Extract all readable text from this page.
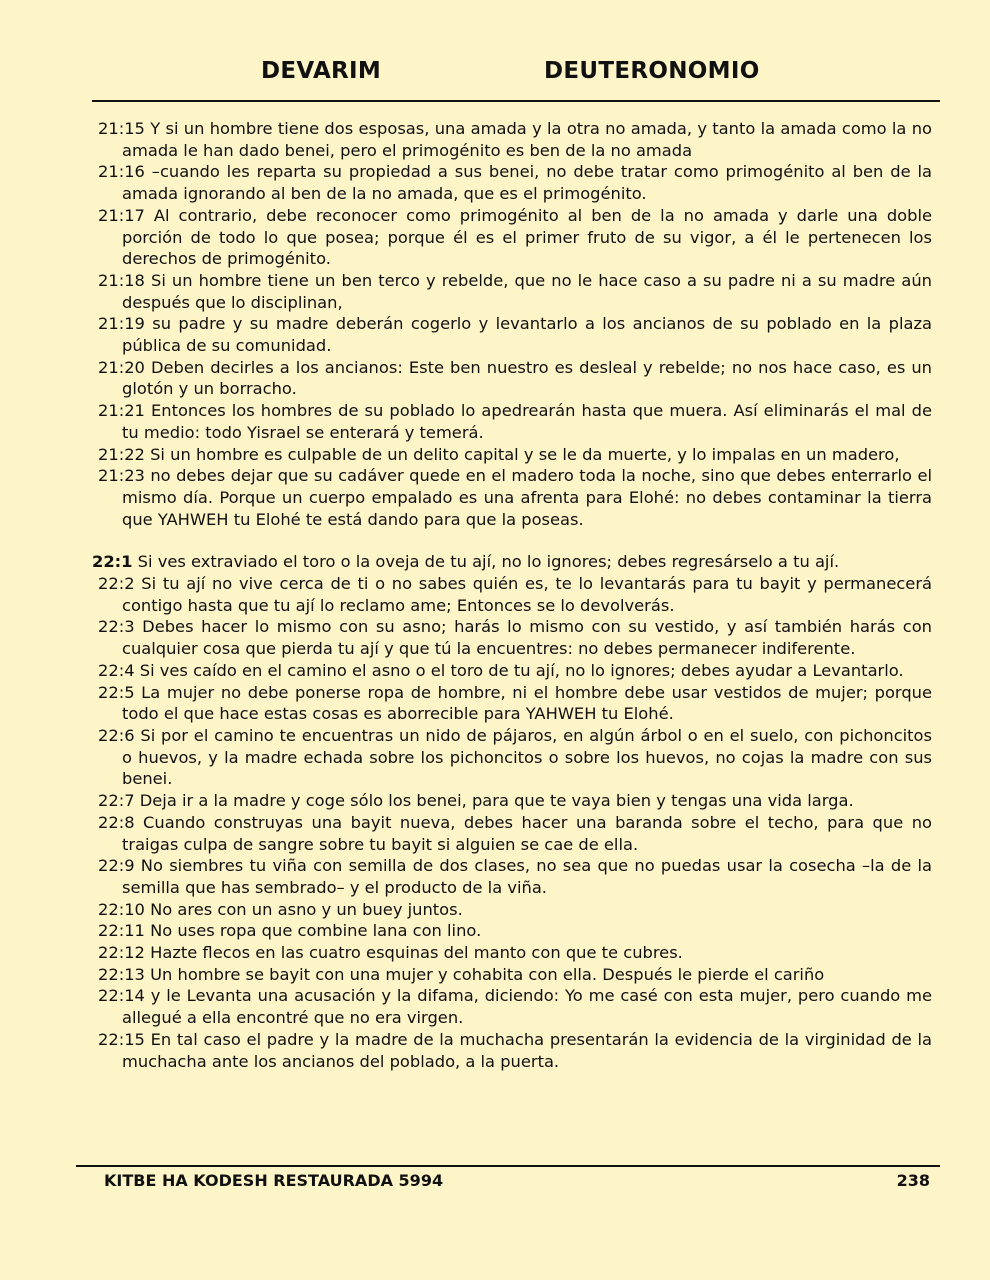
DEVARIM	DEUTERONOMIO

21:15 Y si un hombre tiene dos esposas, una amada y la otra no amada, y tanto la amada como la no amada le han dado benei, pero el primogénito es ben de la no amada

21:16 –cuando les reparta su propiedad a sus benei, no debe tratar como primogénito al ben de la amada ignorando al ben de la no amada, que es el primogénito.

21:17 Al contrario, debe reconocer como primogénito al ben de la no amada y darle una doble porción de todo lo que posea; porque él es el primer fruto de su vigor, a él le pertenecen los derechos de primogénito.

21:18 Si un hombre tiene un ben terco y rebelde, que no le hace caso a su padre ni a su madre aún después que lo disciplinan,

21:19 su padre y su madre deberán cogerlo y levantarlo a los ancianos de su poblado en la plaza pública de su comunidad.

21:20 Deben decirles a los ancianos: Este ben nuestro es desleal y rebelde; no nos hace caso, es un glotón y un borracho.

21:21 Entonces los hombres de su poblado lo apedrearán hasta que muera. Así eliminarás el mal de tu medio: todo Yisrael se enterará y temerá.

21:22 Si un hombre es culpable de un delito capital y se le da muerte, y lo impalas en un madero,

21:23 no debes dejar que su cadáver quede en el madero toda la noche, sino que debes enterrarlo el mismo día. Porque un cuerpo empalado es una afrenta para Elohé: no debes contaminar la tierra que YAHWEH tu Elohé te está dando para que la poseas.

22:1 Si ves extraviado el toro o la oveja de tu ají, no lo ignores; debes regresárselo a tu ají.

22:2 Si tu ají no vive cerca de ti o no sabes quién es, te lo levantarás para tu bayit y permanecerá contigo hasta que tu ají lo reclamo ame; Entonces se lo devolverás.

22:3 Debes hacer lo mismo con su asno; harás lo mismo con su vestido, y así también harás con cualquier cosa que pierda tu ají y que tú la encuentres: no debes permanecer indiferente.

22:4 Si ves caído en el camino el asno o el toro de tu ají, no lo ignores; debes ayudar a Levantarlo.

22:5 La mujer no debe ponerse ropa de hombre, ni el hombre debe usar vestidos de mujer; porque todo el que hace estas cosas es aborrecible para YAHWEH tu Elohé.

22:6 Si por el camino te encuentras un nido de pájaros, en algún árbol o en el suelo, con pichoncitos o huevos, y la madre echada sobre los pichoncitos o sobre los huevos, no cojas la madre con sus benei.

22:7 Deja ir a la madre y coge sólo los benei, para que te vaya bien y tengas una vida larga.

22:8 Cuando construyas una bayit nueva, debes hacer una baranda sobre el techo, para que no traigas culpa de sangre sobre tu bayit si alguien se cae de ella.

22:9 No siembres tu viña con semilla de dos clases, no sea que no puedas usar la cosecha –la de la semilla que has sembrado– y el producto de la viña.

22:10 No ares con un asno y un buey juntos.

22:11 No uses ropa que combine lana con lino.

22:12 Hazte flecos en las cuatro esquinas del manto con que te cubres.

22:13 Un hombre se bayit con una mujer y cohabita con ella. Después le pierde el cariño

22:14 y le Levanta una acusación y la difama, diciendo: Yo me casé con esta mujer, pero cuando me allegué a ella encontré que no era virgen.

22:15 En tal caso el padre y la madre de la muchacha presentarán la evidencia de la virginidad de la muchacha ante los ancianos del poblado, a la puerta.

KITBE HA KODESH RESTAURADA 5994	238
